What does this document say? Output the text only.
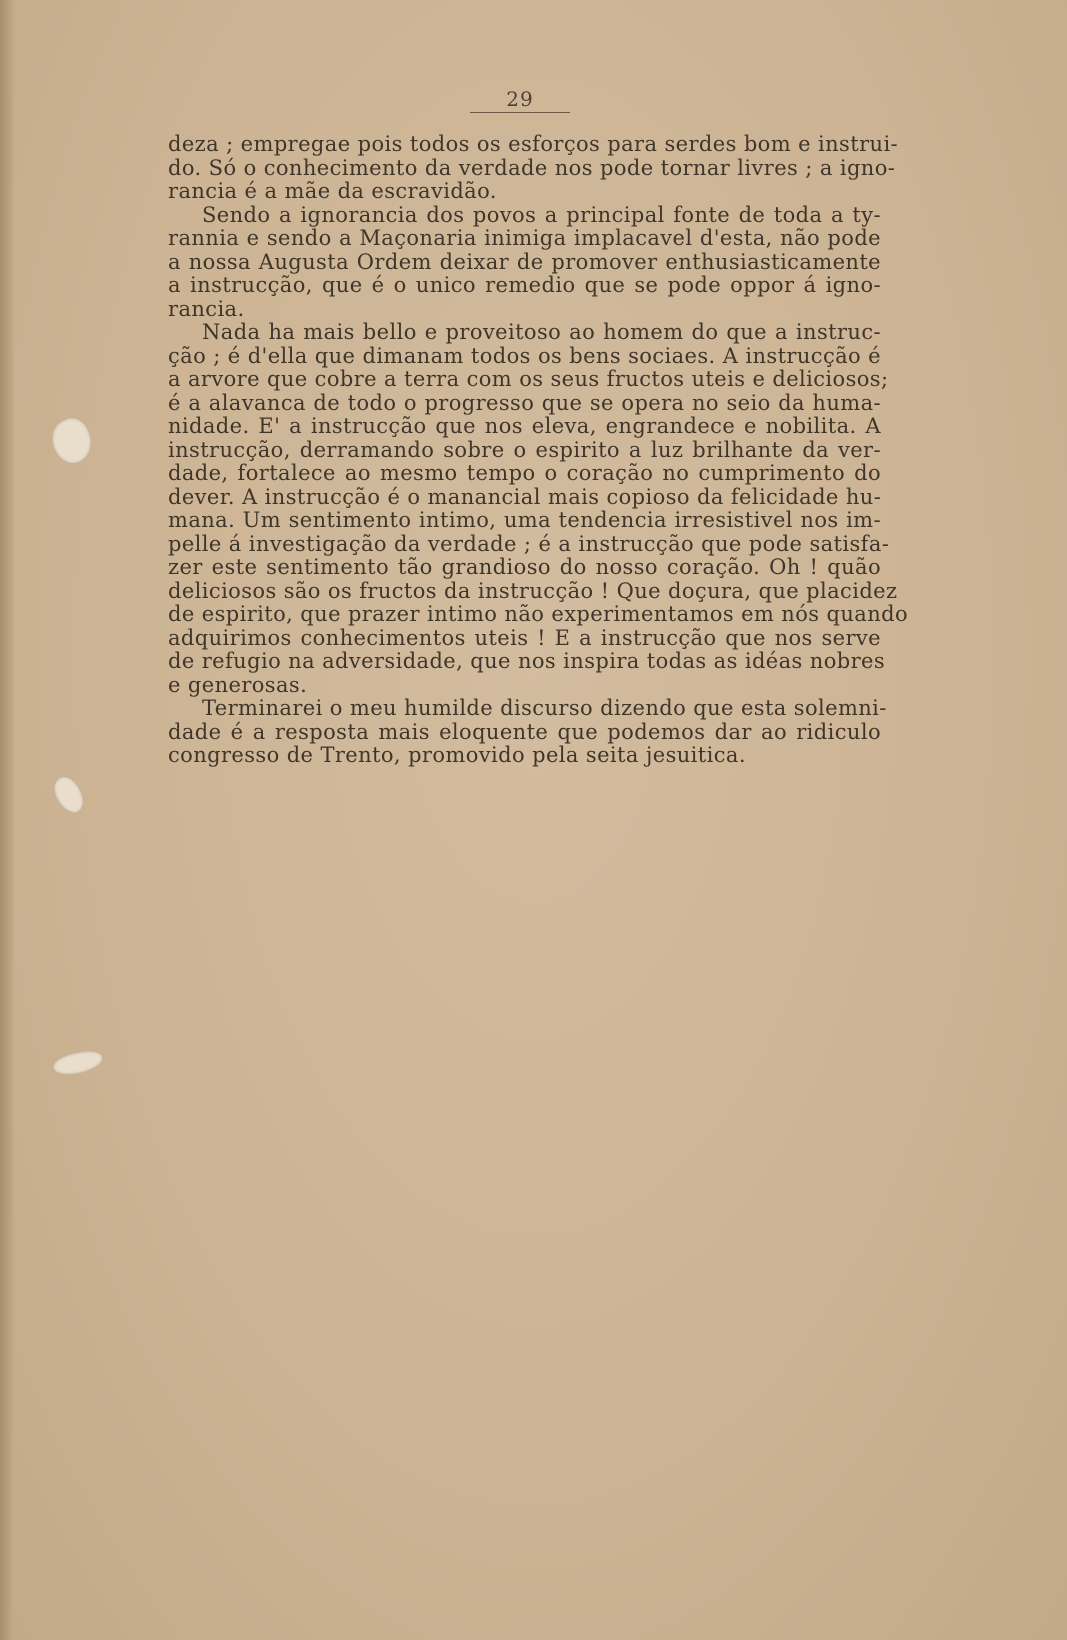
29
deza ; empregae pois todos os esforços para serdes bom e instrui-
do. Só o conhecimento da verdade nos pode tornar livres ; a igno-
rancia é a mãe da escravidão.
Sendo a ignorancia dos povos a principal fonte de toda a ty-
rannia e sendo a Maçonaria inimiga implacavel d'esta, não pode
a nossa Augusta Ordem deixar de promover enthusiasticamente
a instrucção, que é o unico remedio que se pode oppor á igno-
rancia.
Nada ha mais bello e proveitoso ao homem do que a instruc-
ção ; é d'ella que dimanam todos os bens sociaes. A instrucção é
a arvore que cobre a terra com os seus fructos uteis e deliciosos;
é a alavanca de todo o progresso que se opera no seio da huma-
nidade. E' a instrucção que nos eleva, engrandece e nobilita. A
instrucção, derramando sobre o espirito a luz brilhante da ver-
dade, fortalece ao mesmo tempo o coração no cumprimento do
dever. A instrucção é o manancial mais copioso da felicidade hu-
mana. Um sentimento intimo, uma tendencia irresistivel nos im-
pelle á investigação da verdade ; é a instrucção que pode satisfa-
zer este sentimento tão grandioso do nosso coração. Oh ! quão
deliciosos são os fructos da instrucção ! Que doçura, que placidez
de espirito, que prazer intimo não experimentamos em nós quando
adquirimos conhecimentos uteis ! E a instrucção que nos serve
de refugio na adversidade, que nos inspira todas as idéas nobres
e generosas.
Terminarei o meu humilde discurso dizendo que esta solemni-
dade é a resposta mais eloquente que podemos dar ao ridiculo
congresso de Trento, promovido pela seita jesuitica.
